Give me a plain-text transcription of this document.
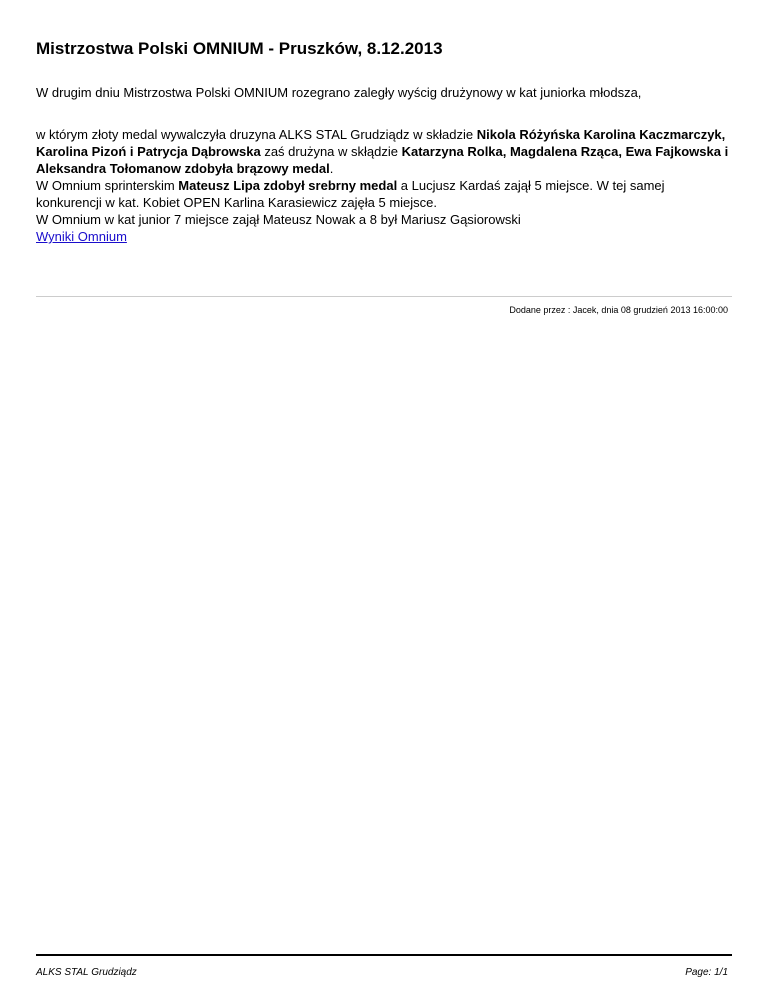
Mistrzostwa Polski OMNIUM - Pruszków, 8.12.2013

W drugim dniu Mistrzostwa Polski OMNIUM rozegrano zaległy wyścig drużynowy w kat juniorka młodsza,

w którym złoty medal wywalczyła druzyna ALKS STAL Grudziądz w składzie Nikola Różyńska Karolina Kaczmarczyk, Karolina Pizoń i Patrycja Dąbrowska zaś drużyna w skłądzie Katarzyna Rolka, Magdalena Rząca, Ewa Fajkowska i Aleksandra Tołomanow zdobyła brązowy medal.

W Omnium sprinterskim Mateusz Lipa zdobył srebrny medal a Lucjusz Kardaś zajął 5 miejsce. W tej samej konkurencji w kat. Kobiet OPEN Karlina Karasiewicz zajęła 5 miejsce.

W Omnium w kat junior 7 miejsce zajął Mateusz Nowak a 8 był Mariusz Gąsiorowski

Wyniki Omnium
Dodane przez : Jacek, dnia 08 grudzień 2013 16:00:00
ALKS STAL Grudziądz	Page: 1/1
